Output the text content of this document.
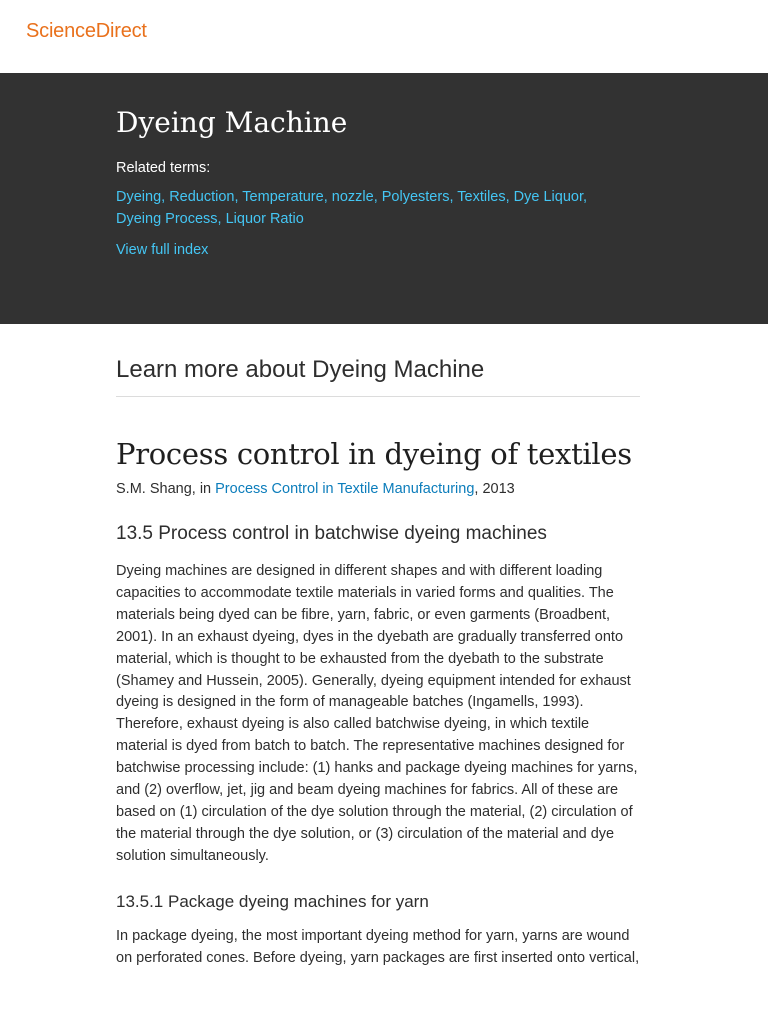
ScienceDirect
Dyeing Machine
Related terms:
Dyeing, Reduction, Temperature, nozzle, Polyesters, Textiles, Dye Liquor, Dyeing Process, Liquor Ratio
View full index
Learn more about Dyeing Machine
Process control in dyeing of textiles

S.M. Shang, in Process Control in Textile Manufacturing, 2013

13.5 Process control in batchwise dyeing machines

Dyeing machines are designed in different shapes and with different loading capacities to accommodate textile materials in varied forms and qualities. The materials being dyed can be fibre, yarn, fabric, or even garments (Broadbent, 2001). In an exhaust dyeing, dyes in the dyebath are gradually transferred onto material, which is thought to be exhausted from the dyebath to the substrate (Shamey and Hussein, 2005). Generally, dyeing equipment intended for exhaust dyeing is designed in the form of manageable batches (Ingamells, 1993). Therefore, exhaust dyeing is also called batchwise dyeing, in which textile material is dyed from batch to batch. The representative machines designed for batchwise processing include: (1) hanks and package dyeing machines for yarns, and (2) overflow, jet, jig and beam dyeing machines for fabrics. All of these are based on (1) circulation of the dye solution through the material, (2) circulation of the material through the dye solution, or (3) circulation of the material and dye solution simultaneously.

13.5.1 Package dyeing machines for yarn

In package dyeing, the most important dyeing method for yarn, yarns are wound on perforated cones. Before dyeing, yarn packages are first inserted onto vertical,
